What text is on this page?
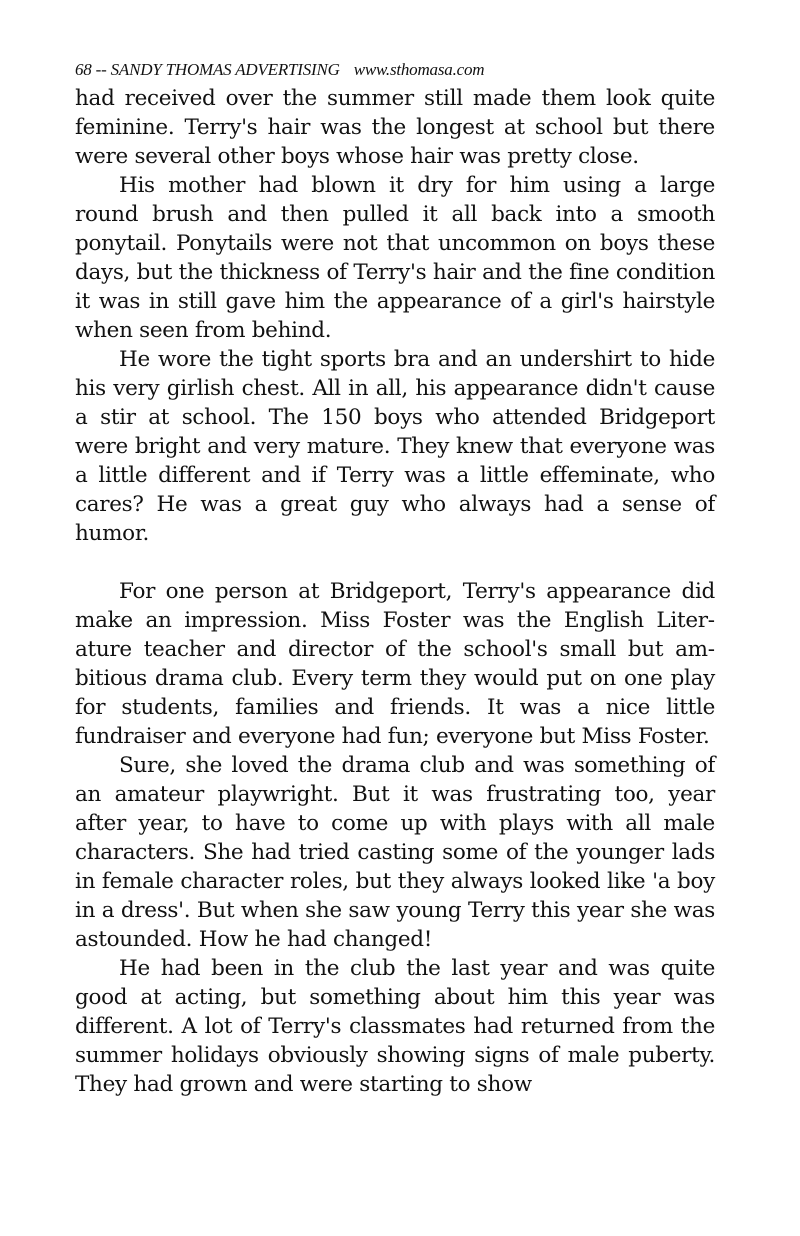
68 -- SANDY THOMAS ADVERTISING www.sthomasa.com

had received over the summer still made them look quite feminine. Terry's hair was the longest at school but there were several other boys whose hair was pretty close.

His mother had blown it dry for him using a large round brush and then pulled it all back into a smooth ponytail. Ponytails were not that uncommon on boys these days, but the thickness of Terry's hair and the fine condition it was in still gave him the appearance of a girl's hairstyle when seen from behind.

He wore the tight sports bra and an undershirt to hide his very girlish chest. All in all, his appearance didn't cause a stir at school. The 150 boys who attended Bridgeport were bright and very mature. They knew that everyone was a little different and if Terry was a little effeminate, who cares? He was a great guy who always had a sense of humor.

For one person at Bridgeport, Terry's appearance did make an impression. Miss Foster was the English Literature teacher and director of the school's small but ambitious drama club. Every term they would put on one play for students, families and friends. It was a nice little fundraiser and everyone had fun; everyone but Miss Foster.

Sure, she loved the drama club and was something of an amateur playwright. But it was frustrating too, year after year, to have to come up with plays with all male characters. She had tried casting some of the younger lads in female character roles, but they always looked like 'a boy in a dress'. But when she saw young Terry this year she was astounded. How he had changed!

He had been in the club the last year and was quite good at acting, but something about him this year was different. A lot of Terry's classmates had returned from the summer holidays obviously showing signs of male puberty. They had grown and were starting to show
